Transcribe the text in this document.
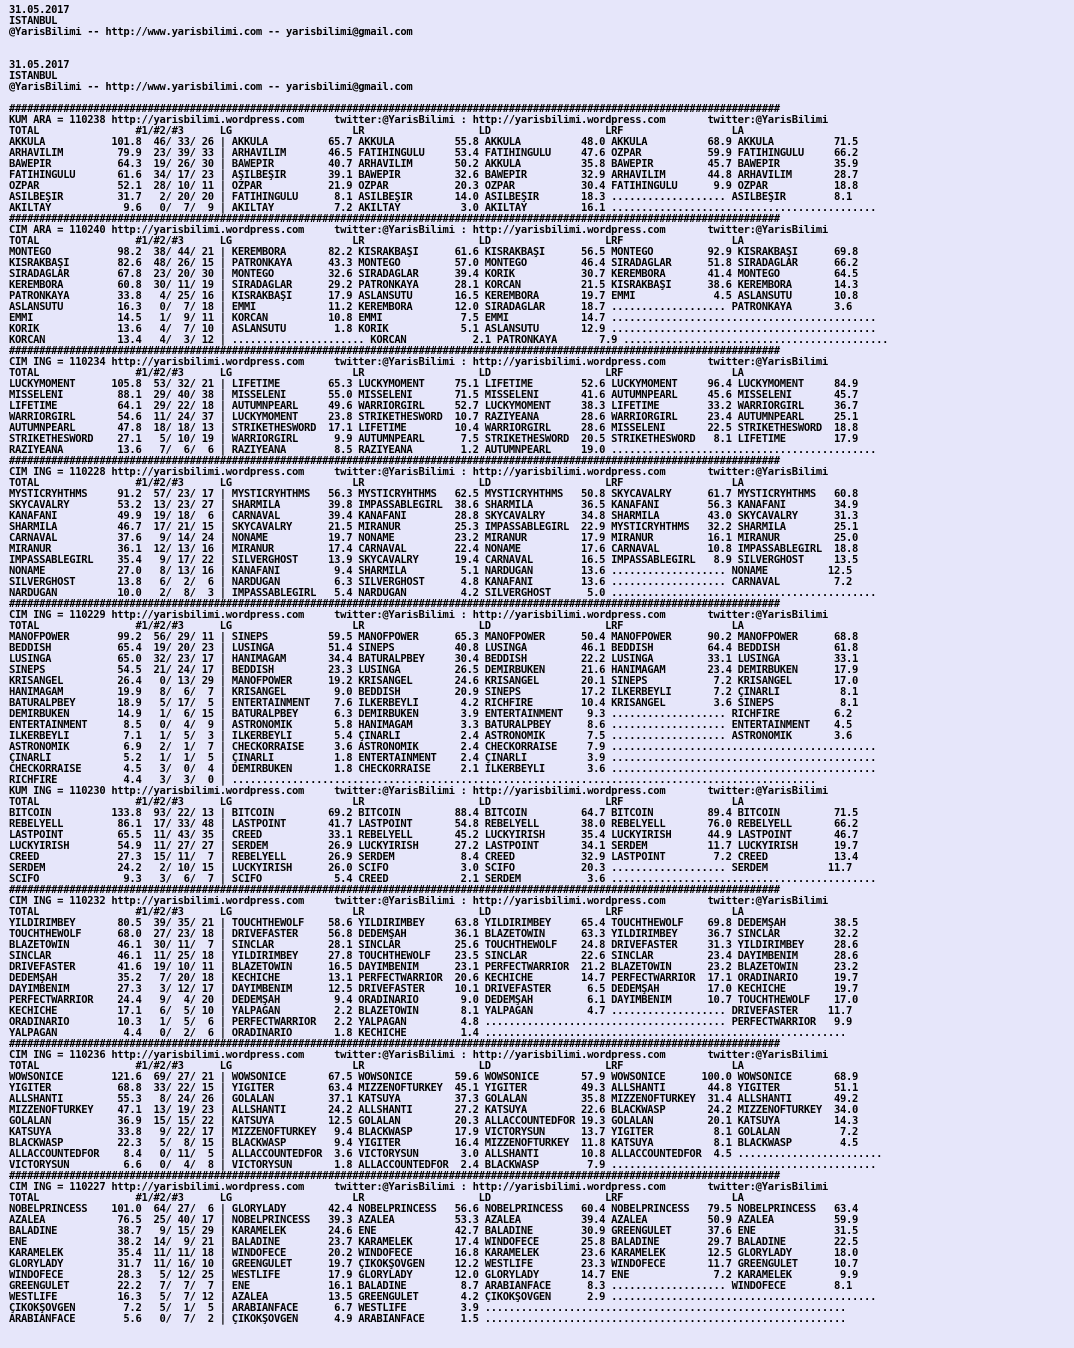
31.05.2017
ISTANBUL
@YarisBilimi -- http://www.yarisbilimi.com -- yarisbilimi@gmail.com
31.05.2017
ISTANBUL
@YarisBilimi -- http://www.yarisbilimi.com -- yarisbilimi@gmail.com
################################################################################################################################
KUM ARA = 110238 http://yarisbilimi.wordpress.com     twitter:@YarisBilimi : http://yarisbilimi.wordpress.com       twitter:@YarisBilimi
TOTAL                #1/#2/#3      LG                    LR                   LD                   LRF                  LA
AKKULA           101.8  46/ 33/ 26 | AKKULA          65.7 AKKULA          55.8 AKKULA          48.0 AKKULA          68.9 AKKULA          71.5
ARHAVİLİM         79.9  23/ 39/ 33 | ARHAVİLİM       46.5 FATİHİNGÜLÜ     53.4 FATİHİNGÜLÜ     47.6 OZPAR           59.9 FATİHİNGÜLÜ     66.2
BAWEPIR           64.3  19/ 26/ 30 | BAWEPIR         40.7 ARHAVİLİM       50.2 AKKULA          35.8 BAWEPIR         45.7 BAWEPIR         35.9
FATİHİNGÜLÜ       61.6  34/ 17/ 23 | AŞILBEŞİR       39.1 BAWEPIR         32.6 BAWEPIR         32.9 ARHAVİLİM       44.8 ARHAVİLİM       28.7
OZPAR             52.1  28/ 10/ 11 | OZPAR           21.9 OZPAR           20.3 OZPAR           30.4 FATİHİNGÜLÜ      9.9 OZPAR           18.8
ASİLBEŞİR         31.7   2/ 20/ 20 | FATİHİNGÜLÜ      8.1 ASİLBEŞİR       14.0 ASİLBEŞİR       18.3 ................... ASİLBEŞİR        8.1
AKILTAY            9.6   0/  7/  9 | AKILTAY          7.2 AKILTAY          3.0 AKILTAY         16.1 ............................................
################################################################################################################################
CIM ARA = 110240 http://yarisbilimi.wordpress.com     twitter:@YarisBilimi : http://yarisbilimi.wordpress.com       twitter:@YarisBilimi
TOTAL                #1/#2/#3      LG                    LR                   LD                   LRF                  LA
MONTEGO           98.2  38/ 44/ 21 | KEREMBORA       82.2 KISRAKBAŞI      61.6 KISRAKBAŞI      56.5 MONTEGO         92.9 KISRAKBAŞI      69.8
KISRAKBAŞI        82.6  48/ 26/ 15 | PATRONKAYA      43.3 MONTEGO         57.0 MONTEGO         46.4 SIRADAGLAR      51.8 SIRADAGLAR      66.2
SIRADAGLAR        67.8  23/ 20/ 30 | MONTEGO         32.6 SIRADAGLAR      39.4 KORIK           30.7 KEREMBORA       41.4 MONTEGO         64.5
KEREMBORA         60.8  30/ 11/ 19 | SIRADAGLAR      29.2 PATRONKAYA      28.1 KORCAN          21.5 KISRAKBAŞI      38.6 KEREMBORA       14.3
PATRONKAYA        33.8   4/ 25/ 16 | KISRAKBAŞI      17.9 ASLANSUTU       16.5 KEREMBORA       19.7 EMMI             4.5 ASLANSUTU       10.8
ASLANSUTU         16.3   0/  7/ 18 | EMMI            11.2 KEREMBORA       12.0 SIRADAGLAR      18.7 ................... PATRONKAYA       3.6
EMMI              14.5   1/  9/ 11 | KORCAN          10.8 EMMI             7.5 EMMI            14.7 ............................................
KORIK             13.6   4/  7/ 10 | ASLANSUTU        1.8 KORIK            5.1 ASLANSUTU       12.9 ............................................
KORCAN            13.4   4/  3/ 12 | ...................... KORCAN           2.1 PATRONKAYA       7.9 ............................................
################################################################################################################################
CIM ING = 110234 http://yarisbilimi.wordpress.com     twitter:@YarisBilimi : http://yarisbilimi.wordpress.com       twitter:@YarisBilimi
TOTAL                #1/#2/#3      LG                    LR                   LD                   LRF                  LA
LUCKYMOMENT      105.8  53/ 32/ 21 | LIFETIME        65.3 LUCKYMOMENT     75.1 LIFETIME        52.6 LUCKYMOMENT     96.4 LUCKYMOMENT     84.9
MISSELENI         88.1  29/ 40/ 38 | MISSELENI       55.0 MISSELENI       71.5 MISSELENI       41.6 AUTUMNPEARL     45.6 MISSELENI       45.7
LIFETIME          64.1  29/ 22/ 18 | AUTUMNPEARL     49.6 WARRIORGIRL     52.7 LUCKYMOMENT     38.3 LIFETIME        33.2 WARRIORGIRL     36.7
WARRIORGIRL       54.6  11/ 24/ 37 | LUCKYMOMENT     23.8 STRIKETHESWORD  10.7 RAZIYEANA       28.6 WARRIORGIRL     23.4 AUTUMNPEARL     25.1
AUTUMNPEARL       47.8  18/ 18/ 13 | STRIKETHESWORD  17.1 LIFETIME        10.4 WARRIORGIRL     28.6 MISSELENI       22.5 STRIKETHESWORD  18.8
STRIKETHESWORD    27.1   5/ 10/ 19 | WARRIORGIRL      9.9 AUTUMNPEARL      7.5 STRIKETHESWORD  20.5 STRIKETHESWORD   8.1 LIFETIME        17.9
RAZIYEANA         13.6   7/  6/  6 | RAZIYEANA        8.5 RAZIYEANA        1.2 AUTUMNPEARL     19.0 ............................................
################################################################################################################################
CIM ING = 110228 http://yarisbilimi.wordpress.com     twitter:@YarisBilimi : http://yarisbilimi.wordpress.com       twitter:@YarisBilimi
TOTAL                #1/#2/#3      LG                    LR                   LD                   LRF                  LA
MYSTICRYHTHMS     91.2  57/ 23/ 17 | MYSTICRYHTHMS   56.3 MYSTICRYHTHMS   62.5 MYSTICRYHTHMS   50.8 SKYCAVALRY      61.7 MYSTICRYHTHMS   60.8
SKYCAVALRY        53.2  13/ 23/ 27 | SHARMILA        39.8 IMPASSABLEGIRL  38.6 SHARMILA        36.5 KANAFANI        56.3 KANAFANI        34.9
KANAFANI          49.9  19/ 18/  6 | CARNAVAL        39.4 KANAFANI        28.8 SKYCAVALRY      34.8 SHARMILA        43.0 SKYCAVALRY      31.3
SHARMILA          46.7  17/ 21/ 15 | SKYCAVALRY      21.5 MIRANUR         25.3 IMPASSABLEGIRL  22.9 MYSTICRYHTHMS   32.2 SHARMILA        25.1
CARNAVAL          37.6   9/ 14/ 24 | NONAME          19.7 NONAME          23.2 MIRANUR         17.9 MIRANUR         16.1 MIRANUR         25.0
MIRANUR           36.1  12/ 13/ 16 | MIRANUR         17.4 CARNAVAL        22.4 NONAME          17.6 CARNAVAL        10.8 IMPASSABLEGIRL  18.8
IMPASSABLEGIRL    35.4   9/ 17/ 22 | SILVERGHOST     13.9 SKYCAVALRY      19.4 CARNAVAL        16.5 IMPASSABLEGIRL   8.9 SILVERGHOST     13.5
NONAME            27.0   8/ 13/ 16 | KANAFANI         9.4 SHARMILA         5.1 NARDUGAN        13.6 ................... NONAME          12.5
SILVERGHOST       13.8   6/  2/  6 | NARDUGAN         6.3 SILVERGHOST      4.8 KANAFANI        13.6 ................... CARNAVAL         7.2
NARDUGAN          10.0   2/  8/  3 | IMPASSABLEGIRL   5.4 NARDUGAN         4.2 SILVERGHOST      5.0 ............................................
################################################################################################################################
CIM ING = 110229 http://yarisbilimi.wordpress.com     twitter:@YarisBilimi : http://yarisbilimi.wordpress.com       twitter:@YarisBilimi
TOTAL                #1/#2/#3      LG                    LR                   LD                   LRF                  LA
MANOFPOWER        99.2  56/ 29/ 11 | SINEPS          59.5 MANOFPOWER      65.3 MANOFPOWER      50.4 MANOFPOWER      90.2 MANOFPOWER      68.8
BEDDISH           65.4  19/ 20/ 23 | LUSINGA         51.4 SINEPS          40.8 LUSINGA         46.1 BEDDISH         64.4 BEDDISH         61.8
LUSINGA           65.0  32/ 23/ 17 | HANIMAGAM       34.4 BATURALPBEY     30.4 BEDDISH         22.2 LUSINGA         33.1 LUSINGA         33.1
SINEPS            54.5  21/ 24/ 17 | BEDDISH         23.3 LUSINGA         26.5 DEMIRBUKEN      21.6 HANIMAGAM       23.4 DEMIRBUKEN      17.9
KRISANGEL         26.4   0/ 13/ 29 | MANOFPOWER      19.2 KRISANGEL       24.6 KRISANGEL       20.1 SINEPS           7.2 KRISANGEL       17.0
HANIMAGAM         19.9   8/  6/  7 | KRISANGEL        9.0 BEDDISH         20.9 SINEPS          17.2 İLKERBEYLİ       7.2 ÇINARLI          8.1
BATURALPBEY       18.9   5/ 17/  5 | ENTERTAINMENT    7.6 İLKERBEYLİ       4.2 RICHFIRE        10.4 KRISANGEL        3.6 SINEPS           8.1
DEMIRBUKEN        14.9   1/  6/ 15 | BATURALPBEY      6.3 DEMIRBUKEN       3.9 ENTERTAINMENT    9.3 ................... RICHFIRE         6.2
ENTERTAINMENT      8.5   0/  4/  9 | ASTRONOMIK       5.8 HANIMAGAM        3.3 BATURALPBEY      8.6 ................... ENTERTAINMENT    4.5
İLKERBEYLİ         7.1   1/  5/  3 | İLKERBEYLİ       5.4 ÇINARLI          2.4 ASTRONOMIK       7.5 ................... ASTRONOMIK       3.6
ASTRONOMIK         6.9   2/  1/  7 | CHECKORRAISE     3.6 ASTRONOMIK       2.4 CHECKORRAISE     7.9 ............................................
ÇINARLI            5.2   1/  1/  5 | ÇINARLI          1.8 ENTERTAINMENT    2.4 ÇINARLI          3.9 ............................................
CHECKORRAISE       4.5   3/  0/  4 | DEMIRBUKEN       1.8 CHECKORRAISE     2.1 İLKERBEYLİ       3.6 ............................................
RICHFIRE           4.4   3/  3/  0 | .................................................................................................
KUM ING = 110230 http://yarisbilimi.wordpress.com     twitter:@YarisBilimi : http://yarisbilimi.wordpress.com       twitter:@YarisBilimi
TOTAL                #1/#2/#3      LG                    LR                   LD                   LRF                  LA
BITCOIN          133.8  93/ 22/ 13 | BITCOIN         69.2 BITCOIN         88.4 BITCOIN         64.7 BITCOIN         89.4 BITCOIN         71.5
REBELYELL         86.1  17/ 33/ 48 | LASTPOINT       41.7 LASTPOINT       54.8 REBELYELL       38.0 REBELYELL       76.0 REBELYELL       66.2
LASTPOINT         65.5  11/ 43/ 35 | CREED           33.1 REBELYELL       45.2 LUCKYIRISH      35.4 LUCKYIRISH      44.9 LASTPOINT       46.7
LUCKYIRISH        54.9  11/ 27/ 27 | SERDEM          26.9 LUCKYIRISH      27.2 LASTPOINT       34.1 SERDEM          11.7 LUCKYIRISH      19.7
CREED             27.3  15/ 11/  7 | REBELYELL       26.9 SERDEM           8.4 CREED           32.9 LASTPOINT        7.2 CREED           13.4
SERDEM            24.2   2/ 10/ 15 | LUCKYIRISH      26.0 SCIFO            3.0 SCIFO           20.3 ................... SERDEM          11.7
SCIFO              9.3   3/  6/  7 | SCIFO            5.4 CREED            2.1 SERDEM           3.6 ............................................
################################################################################################################################
CIM ING = 110232 http://yarisbilimi.wordpress.com     twitter:@YarisBilimi : http://yarisbilimi.wordpress.com       twitter:@YarisBilimi
TOTAL                #1/#2/#3      LG                    LR                   LD                   LRF                  LA
YILDIRIMBEY       80.5  39/ 35/ 21 | TOUCHTHEWOLF    58.6 YILDIRIMBEY     63.8 YILDIRIMBEY     65.4 TOUCHTHEWOLF    69.8 DEDEMŞAH        38.5
TOUCHTHEWOLF      68.0  27/ 23/ 18 | DRIVEFASTER     56.8 DEDEMŞAH        36.1 BLAZETOWIN      63.3 YILDIRIMBEY     36.7 SINCLAR         32.2
BLAZETOWIN        46.1  30/ 11/  7 | SINCLAR         28.1 SINCLAR         25.6 TOUCHTHEWOLF    24.8 DRIVEFASTER     31.3 YILDIRIMBEY     28.6
SINCLAR           46.1  11/ 25/ 18 | YILDIRIMBEY     27.8 TOUCHTHEWOLF    23.5 SINCLAR         22.6 SINCLAR         23.4 DAYIMBENIM      28.6
DRIVEFASTER       41.6  19/ 10/ 11 | BLAZETOWIN      16.5 DAYIMBENIM      23.1 PERFECTWARRIOR  21.2 BLAZETOWIN      23.2 BLAZETOWIN      23.2
DEDEMŞAH          35.2   7/ 20/ 18 | KECHICHE        13.1 PERFECTWARRIOR  20.6 KECHICHE        14.7 PERFECTWARRIOR  17.1 ORADINARIO      19.7
DAYIMBENIM        27.3   3/ 12/ 17 | DAYIMBENIM      12.5 DRIVEFASTER     10.1 DRIVEFASTER      6.5 DEDEMŞAH        17.0 KECHICHE        19.7
PERFECTWARRIOR    24.4   9/  4/ 20 | DEDEMŞAH         9.4 ORADINARIO       9.0 DEDEMŞAH         6.1 DAYIMBENIM      10.7 TOUCHTHEWOLF    17.0
KECHICHE          17.1   6/  5/ 10 | YALPAGAN         2.2 BLAZETOWIN       8.1 YALPAGAN         4.7 ................... DRIVEFASTER     11.7
ORADINARIO        10.3   1/  5/  6 | PERFECTWARRIOR   2.2 YALPAGAN         4.8 ........................................ PERFECTWARRIOR   9.9
YALPAGAN           4.4   0/  2/  6 | ORADINARIO       1.8 KECHICHE         1.4 ............................................................
################################################################################################################################
CIM ING = 110236 http://yarisbilimi.wordpress.com     twitter:@YarisBilimi : http://yarisbilimi.wordpress.com       twitter:@YarisBilimi
TOTAL                #1/#2/#3      LG                    LR                   LD                   LRF                  LA
WOWSONICE        121.6  69/ 27/ 21 | WOWSONICE       67.5 WOWSONICE       59.6 WOWSONICE       57.9 WOWSONICE      100.0 WOWSONICE       68.9
YIGITER           68.8  33/ 22/ 15 | YIGITER         63.4 MIZZENOFTURKEY  45.1 YIGITER         49.3 ALLSHANTI       44.8 YIGITER         51.1
ALLSHANTI         55.3   8/ 24/ 26 | GOLALAN         37.1 KATSUYA         37.3 GOLALAN         35.8 MIZZENOFTURKEY  31.4 ALLSHANTI       49.2
MIZZENOFTURKEY    47.1  13/ 19/ 23 | ALLSHANTI       24.2 ALLSHANTI       27.2 KATSUYA         22.6 BLACKWASP       24.2 MIZZENOFTURKEY  34.0
GOLALAN           36.9  15/ 15/ 22 | KATSUYA         12.5 GOLALAN         20.3 ALLACCOUNTEDFOR 19.3 GOLALAN         20.1 KATSUYA         14.3
KATSUYA           33.8   9/ 22/ 17 | MIZZENOFTURKEY   9.4 BLACKWASP       17.9 VICTORYSUN      13.7 YIGITER          8.1 GOLALAN          7.2
BLACKWASP         22.3   5/  8/ 15 | BLACKWASP        9.4 YIGITER         16.4 MIZZENOFTURKEY  11.8 KATSUYA          8.1 BLACKWASP        4.5
ALLACCOUNTEDFOR    8.4   0/ 11/  5 | ALLACCOUNTEDFOR  3.6 VICTORYSUN       3.0 ALLSHANTI       10.8 ALLACCOUNTEDFOR  4.5 ........................
VICTORYSUN         6.6   0/  4/  8 | VICTORYSUN       1.8 ALLACCOUNTEDFOR  2.4 BLACKWASP        7.9 ............................................
################################################################################################################################
CIM ING = 110227 http://yarisbilimi.wordpress.com     twitter:@YarisBilimi : http://yarisbilimi.wordpress.com       twitter:@YarisBilimi
TOTAL                #1/#2/#3      LG                    LR                   LD                   LRF                  LA
NOBELPRINCESS    101.0  64/ 27/  6 | GLORYLADY       42.4 NOBELPRINCESS   56.6 NOBELPRINCESS   60.4 NOBELPRINCESS   79.5 NOBELPRINCESS   63.4
AZALEA            76.5  25/ 40/ 17 | NOBELPRINCESS   39.3 AZALEA          53.3 AZALEA          39.4 AZALEA          50.9 AZALEA          59.9
BALADINE          38.7   9/ 15/ 29 | KARAMELEK       24.6 ENE             42.7 BALADINE        30.9 GREENGULET      37.6 ENE             31.5
ENE               38.2  14/  9/ 21 | BALADINE        23.7 KARAMELEK       17.4 WINDOFECE       25.8 BALADINE        29.7 BALADINE        22.5
KARAMELEK         35.4  11/ 11/ 18 | WINDOFECE       20.2 WINDOFECE       16.8 KARAMELEK       23.6 KARAMELEK       12.5 GLORYLADY       18.0
GLORYLADY         31.7  11/ 16/ 10 | GREENGULET      19.7 ÇIKOKŞOVGEN     12.2 WESTLIFE        23.3 WINDOFECE       11.7 GREENGULET      10.7
WINDOFECE         28.3   5/ 12/ 25 | WESTLIFE        17.9 GLORYLADY       12.0 GLORYLADY       14.7 ENE              7.2 KARAMELEK        9.9
GREENGULET        22.2   7/  7/  7 | ENE             16.1 BALADINE         8.7 ARABIANFACE      8.3 ................... WINDOFECE        8.1
WESTLIFE          16.3   5/  7/ 12 | AZALEA          13.5 GREENGULET       4.2 ÇIKOKŞOVGEN      2.9 ............................................
ÇIKOKŞOVGEN        7.2   5/  1/  5 | ARABIANFACE      6.7 WESTLIFE         3.9 ............................................................
ARABIANFACE        5.6   0/  7/  2 | ÇIKOKŞOVGEN      4.9 ARABIANFACE      1.5 ............................................................
